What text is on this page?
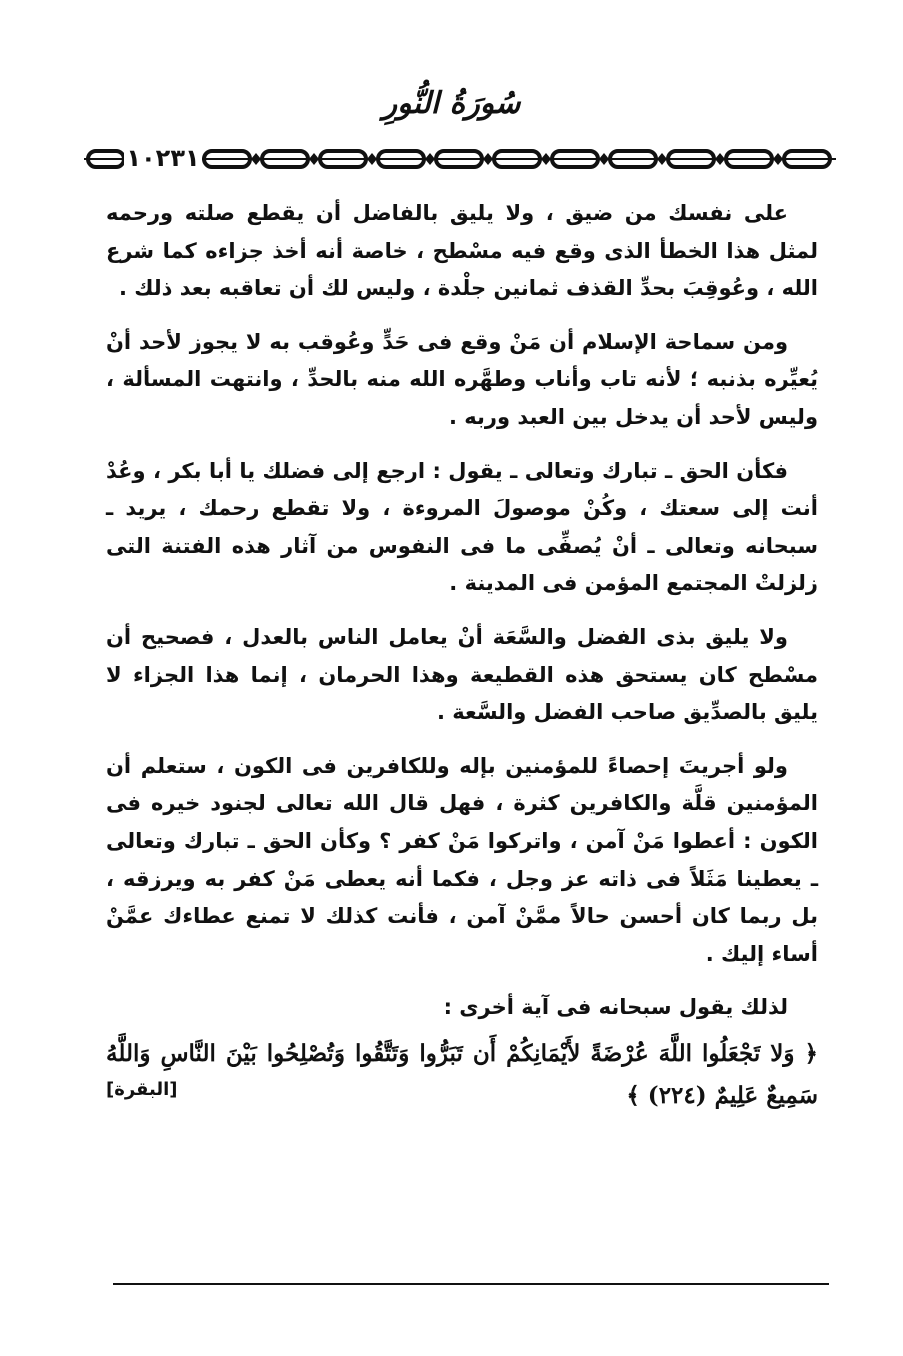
سُورَةُ النُّورِ
١٠٢٣١

على نفسك من ضيق ، ولا يليق بالفاضل أن يقطع صلته ورحمه لمثل هذا الخطأ الذى وقع فيه مسْطح ، خاصة أنه أخذ جزاءه كما شرع الله ، وعُوقِبَ بحدِّ القذف ثمانين جلْدة ، وليس لك أن تعاقبه بعد ذلك .

ومن سماحة الإسلام أن مَنْ وقع فى حَدٍّ وعُوقب به لا يجوز لأحد أنْ يُعيِّره بذنبه ؛ لأنه تاب وأناب وطهَّره الله منه بالحدِّ ، وانتهت المسألة ، وليس لأحد أن يدخل بين العبد وربه .

فكأن الحق ـ تبارك وتعالى ـ يقول : ارجع إلى فضلك يا أبا بكر ، وعُدْ أنت إلى سعتك ، وكُنْ موصولَ المروءة ، ولا تقطع رحمك ، يريد ـ سبحانه وتعالى ـ أنْ يُصفِّى ما فى النفوس من آثار هذه الفتنة التى زلزلتْ المجتمع المؤمن فى المدينة .

ولا يليق بذى الفضل والسَّعَة أنْ يعامل الناس بالعدل ، فصحيح أن مسْطح كان يستحق هذه القطيعة وهذا الحرمان ، إنما هذا الجزاء لا يليق بالصدِّيق صاحب الفضل والسَّعة .

ولو أجريتَ إحصاءً للمؤمنين بإله وللكافرين فى الكون ، ستعلم أن المؤمنين قلَّة والكافرين كثرة ، فهل قال الله تعالى لجنود خيره فى الكون : أعطوا مَنْ آمن ، واتركوا مَنْ كفر ؟ وكأن الحق ـ تبارك وتعالى ـ يعطينا مَثَلاً فى ذاته عز وجل ، فكما أنه يعطى مَنْ كفر به ويرزقه ، بل ربما كان أحسن حالاً ممَّنْ آمن ، فأنت كذلك لا تمنع عطاءك عمَّنْ أساء إليك .

لذلك يقول سبحانه فى آية أخرى :

﴿ وَلا تَجْعَلُوا اللَّهَ عُرْضَةً لأَيْمَانِكُمْ أَن تَبَرُّوا وَتَتَّقُوا وَتُصْلِحُوا بَيْنَ النَّاسِ وَاللَّهُ سَمِيعٌ عَلِيمٌ (٢٢٤) ﴾
[البقرة]
